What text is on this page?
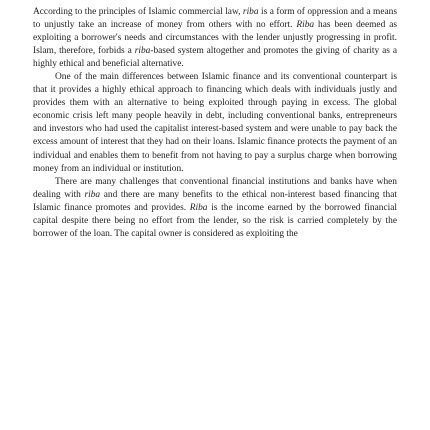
According to the principles of Islamic commercial law, riba is a form of oppression and a means to unjustly take an increase of money from others with no effort. Riba has been deemed as exploiting a borrower's needs and circumstances with the lender unjustly progressing in profit. Islam, therefore, forbids a riba-based system altogether and promotes the giving of charity as a highly ethical and beneficial alternative.

One of the main differences between Islamic finance and its conventional counterpart is that it provides a highly ethical approach to financing which deals with individuals justly and provides them with an alternative to being exploited through paying in excess. The global economic crisis left many people heavily in debt, including conventional banks, entrepreneurs and investors who had used the capitalist interest-based system and were unable to pay back the excess amount of interest that they had on their loans. Islamic finance protects the payment of an individual and enables them to benefit from not having to pay a surplus charge when borrowing money from an individual or institution.

There are many challenges that conventional financial institutions and banks have when dealing with riba and there are many benefits to the ethical non-interest based financing that Islamic finance promotes and provides. Riba is the income earned by the borrowed financial capital despite there being no effort from the lender, so the risk is carried completely by the borrower of the loan. The capital owner is considered as exploiting the
